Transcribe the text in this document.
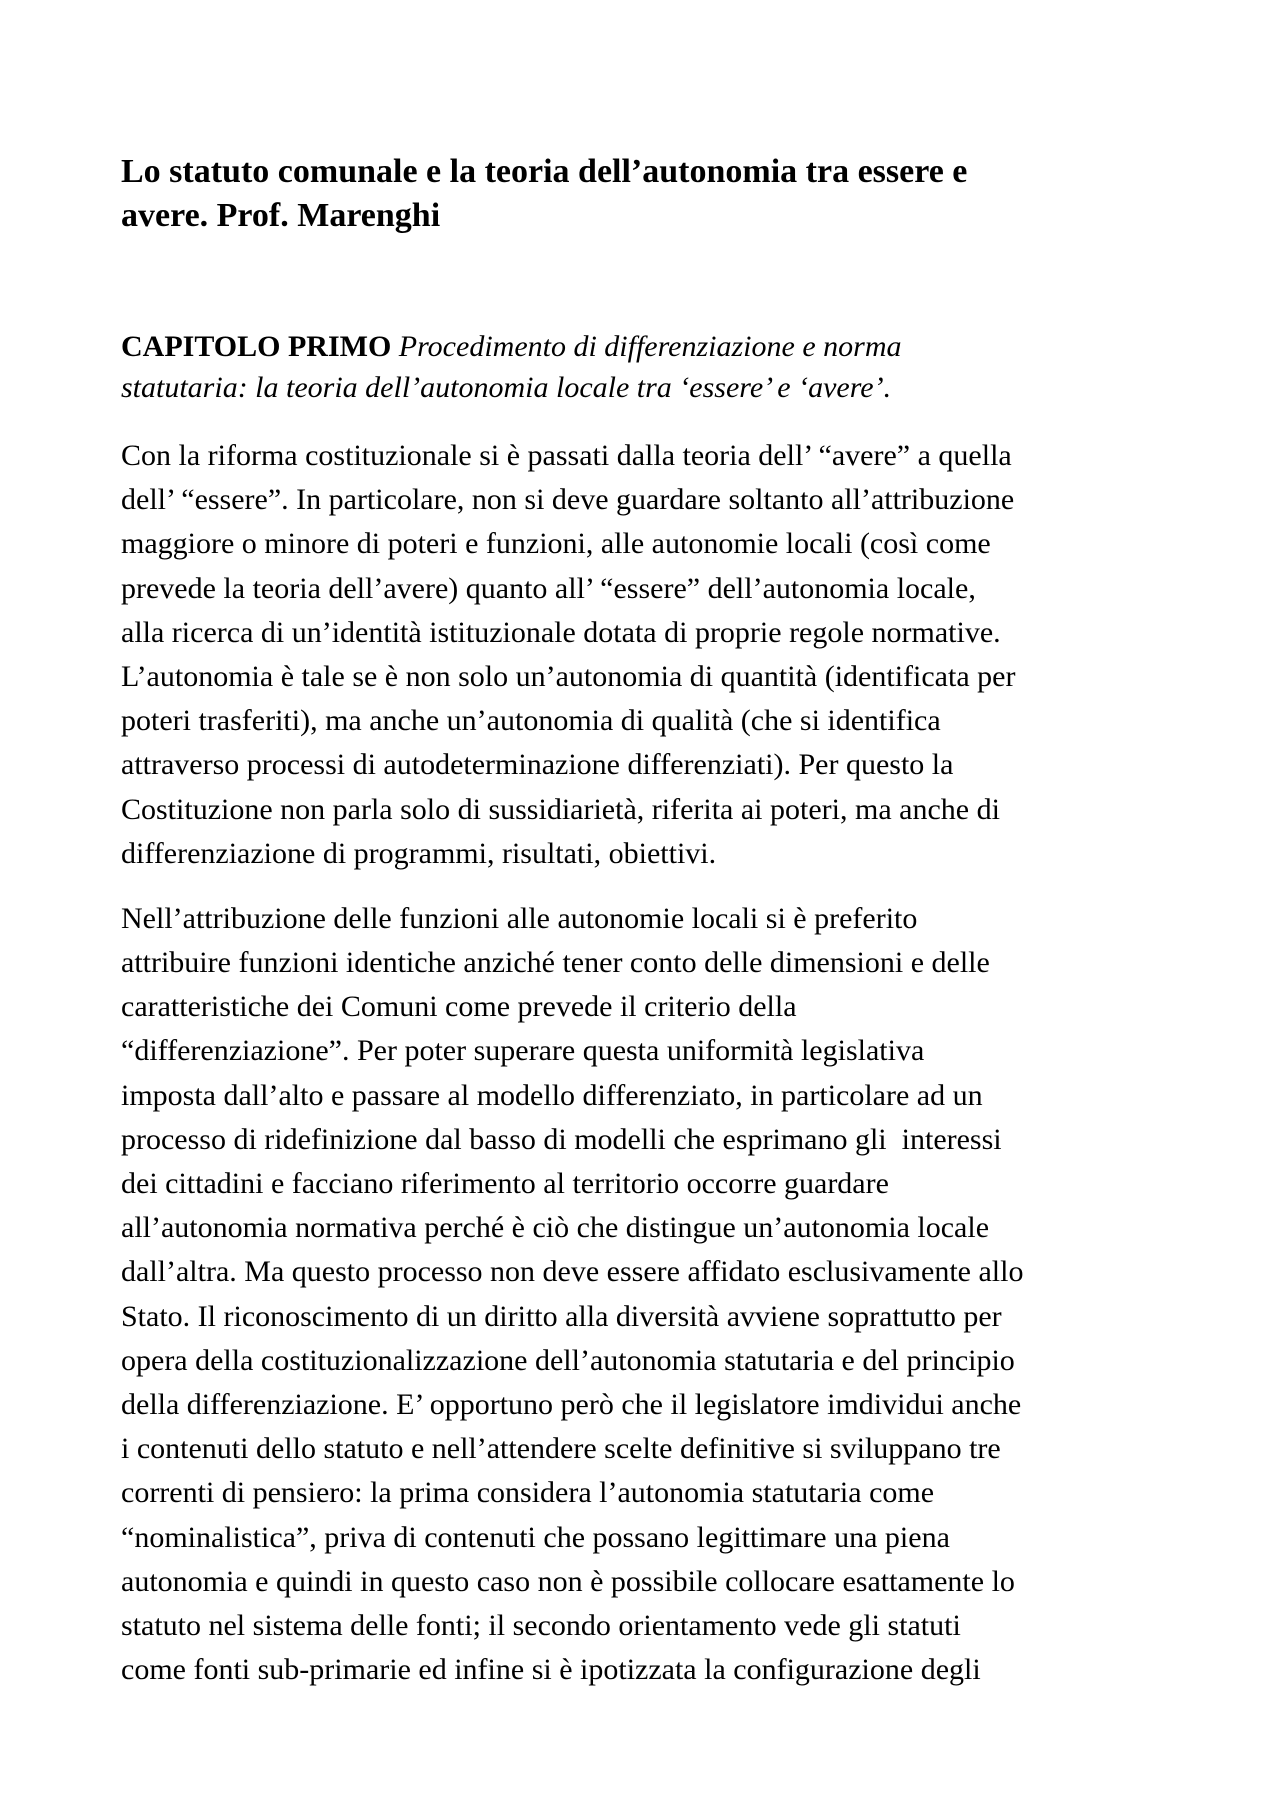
Lo statuto comunale e la teoria dell’autonomia tra essere e
avere. Prof. Marenghi

CAPITOLO PRIMO Procedimento di differenziazione e norma
statutaria: la teoria dell’autonomia locale tra ‘essere’ e ‘avere’.

Con la riforma costituzionale si è passati dalla teoria dell’ “avere” a quella
dell’ “essere”. In particolare, non si deve guardare soltanto all’attribuzione
maggiore o minore di poteri e funzioni, alle autonomie locali (così come
prevede la teoria dell’avere) quanto all’ “essere” dell’autonomia locale,
alla ricerca di un’identità istituzionale dotata di proprie regole normative.
L’autonomia è tale se è non solo un’autonomia di quantità (identificata per
poteri trasferiti), ma anche un’autonomia di qualità (che si identifica
attraverso processi di autodeterminazione differenziati). Per questo la
Costituzione non parla solo di sussidiarietà, riferita ai poteri, ma anche di
differenziazione di programmi, risultati, obiettivi.
Nell’attribuzione delle funzioni alle autonomie locali si è preferito
attribuire funzioni identiche anziché tener conto delle dimensioni e delle
caratteristiche dei Comuni come prevede il criterio della
“differenziazione”. Per poter superare questa uniformità legislativa
imposta dall’alto e passare al modello differenziato, in particolare ad un
processo di ridefinizione dal basso di modelli che esprimano gli  interessi
dei cittadini e facciano riferimento al territorio occorre guardare
all’autonomia normativa perché è ciò che distingue un’autonomia locale
dall’altra. Ma questo processo non deve essere affidato esclusivamente allo
Stato. Il riconoscimento di un diritto alla diversità avviene soprattutto per
opera della costituzionalizzazione dell’autonomia statutaria e del principio
della differenziazione. E’ opportuno però che il legislatore imdividui anche
i contenuti dello statuto e nell’attendere scelte definitive si sviluppano tre
correnti di pensiero: la prima considera l’autonomia statutaria come
“nominalistica”, priva di contenuti che possano legittimare una piena
autonomia e quindi in questo caso non è possibile collocare esattamente lo
statuto nel sistema delle fonti; il secondo orientamento vede gli statuti
come fonti sub-primarie ed infine si è ipotizzata la configurazione degli
